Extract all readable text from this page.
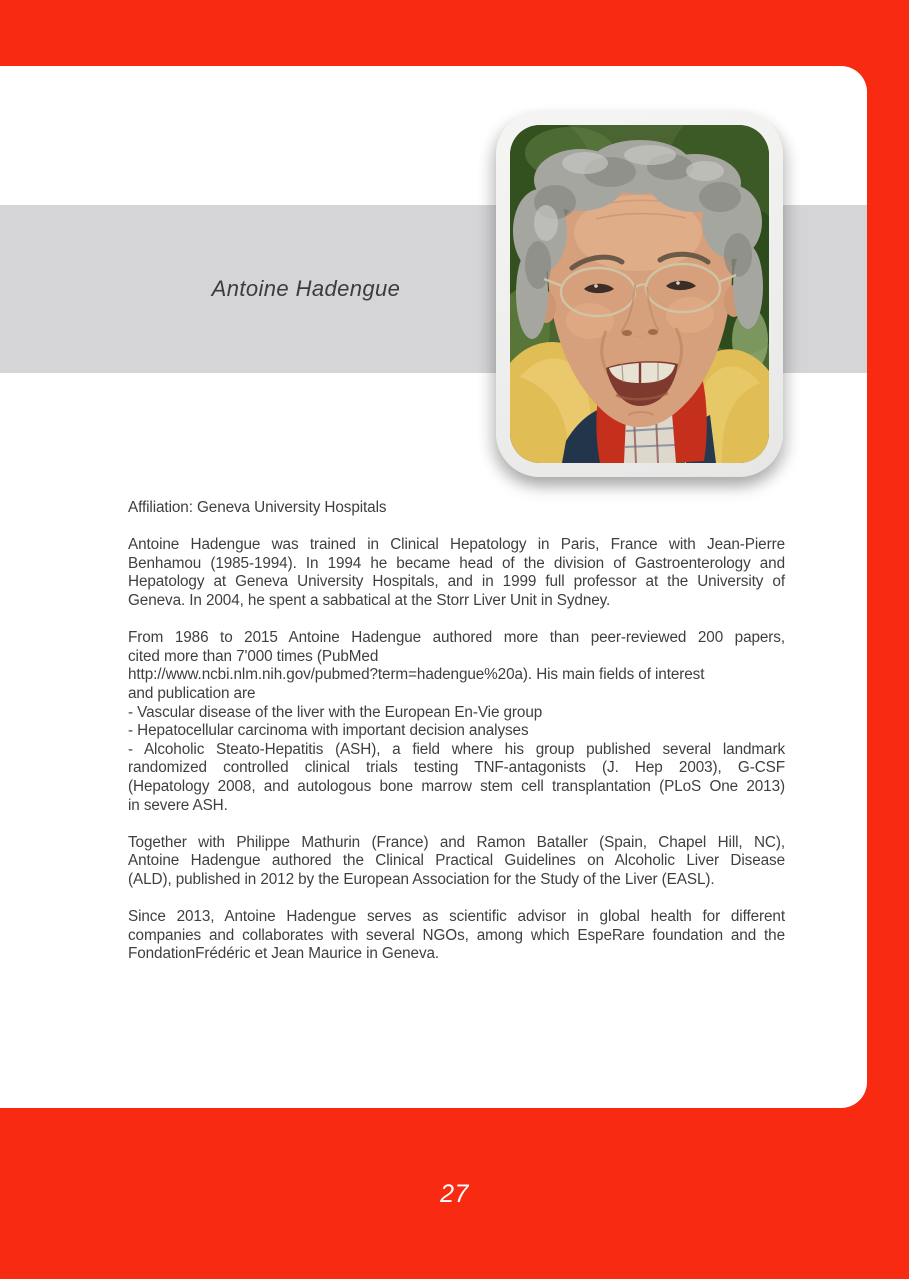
Antoine Hadengue
Affiliation: Geneva University Hospitals
Antoine Hadengue was trained in Clinical Hepatology in Paris, France with Jean-Pierre
Benhamou (1985-1994). In 1994 he became head of the division of Gastroenterology and
Hepatology at Geneva University Hospitals, and in 1999 full professor at the University of
Geneva. In 2004, he spent a sabbatical at the Storr Liver Unit in Sydney.
From 1986 to 2015 Antoine Hadengue authored more than peer-reviewed 200 papers,
cited more than 7'000 times (PubMed
http://www.ncbi.nlm.nih.gov/pubmed?term=hadengue%20a). His main fields of interest
and publication are
- Vascular disease of the liver with the European En-Vie group
- Hepatocellular carcinoma with important decision analyses
- Alcoholic Steato-Hepatitis (ASH), a field where his group published several landmark
randomized controlled clinical trials testing TNF-antagonists (J. Hep 2003), G-CSF
(Hepatology 2008, and autologous bone marrow stem cell transplantation (PLoS One 2013)
in severe ASH.
Together with Philippe Mathurin (France) and Ramon Bataller (Spain, Chapel Hill, NC),
Antoine Hadengue authored the Clinical Practical Guidelines on Alcoholic Liver Disease
(ALD), published in 2012 by the European Association for the Study of the Liver (EASL).
Since 2013, Antoine Hadengue serves as scientific advisor in global health for different
companies and collaborates with several NGOs, among which EspeRare foundation and the
FondationFrédéric et Jean Maurice in Geneva.
27
